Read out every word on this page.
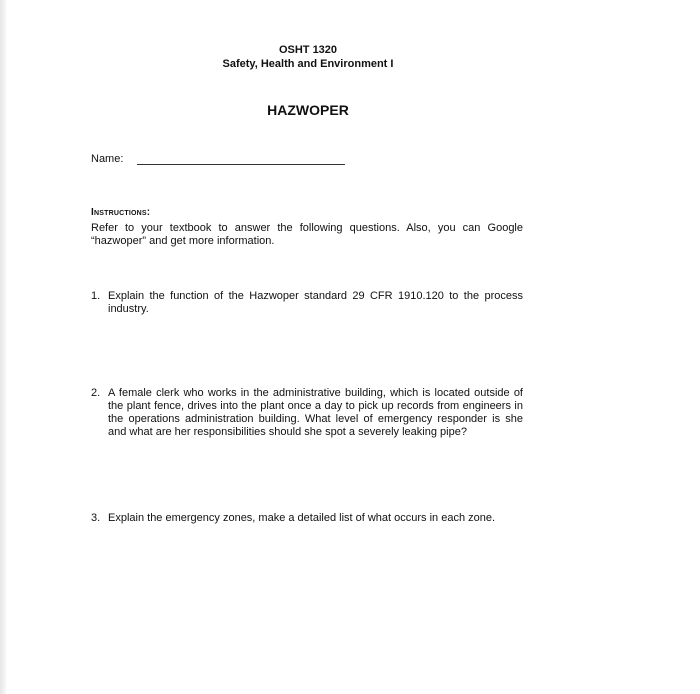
OSHT 1320
Safety, Health and Environment I
HAZWOPER
Name:
Instructions:
Refer to your textbook to answer the following questions. Also, you can Google “hazwoper” and get more information.
1. Explain the function of the Hazwoper standard 29 CFR 1910.120 to the process industry.
2. A female clerk who works in the administrative building, which is located outside of the plant fence, drives into the plant once a day to pick up records from engineers in the operations administration building. What level of emergency responder is she and what are her responsibilities should she spot a severely leaking pipe?
3. Explain the emergency zones, make a detailed list of what occurs in each zone.
